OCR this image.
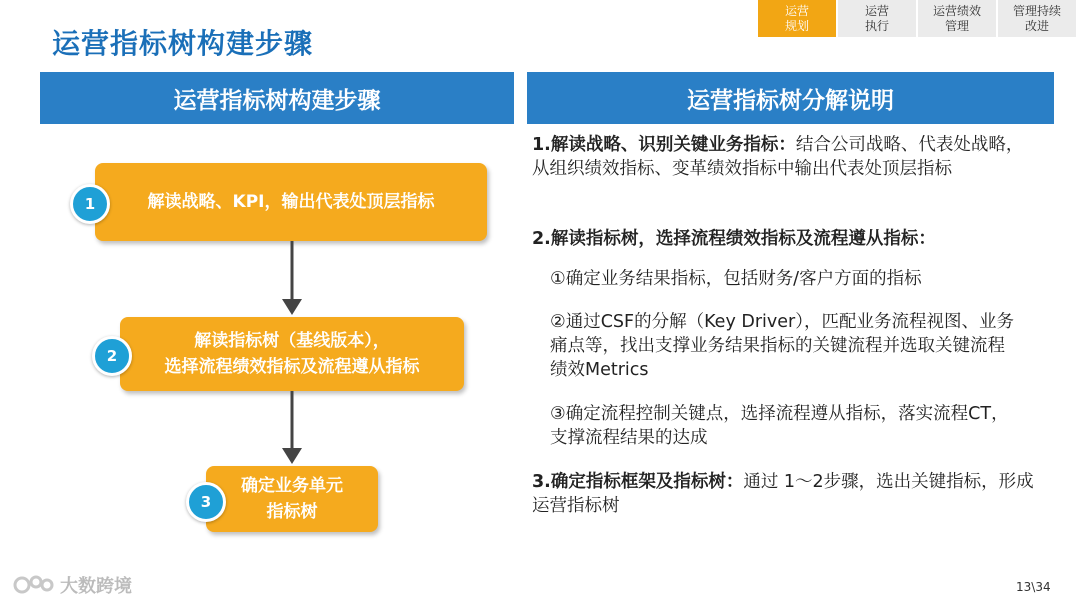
运营指标树构建步骤
运营
规划
运营
执行
运营绩效
管理
管理持续
改进
运营指标树构建步骤	运营指标树分解说明
解读战略、KPI，输出代表处顶层指标
1
解读指标树（基线版本），
选择流程绩效指标及流程遵从指标
2
确定业务单元
指标树
3
1.解读战略、识别关键业务指标：结合公司战略、代表处战略，从组织绩效指标、变革绩效指标中输出代表处顶层指标
2.解读指标树，选择流程绩效指标及流程遵从指标：
①确定业务结果指标，包括财务/客户方面的指标
②通过CSF的分解（Key Driver），匹配业务流程视图、业务痛点等，找出支撑业务结果指标的关键流程并选取关键流程绩效Metrics
③确定流程控制关键点，选择流程遵从指标，落实流程CT，支撑流程结果的达成
3.确定指标框架及指标树：通过 1～2步骤，选出关键指标，形成运营指标树
大数跨境	13\34
